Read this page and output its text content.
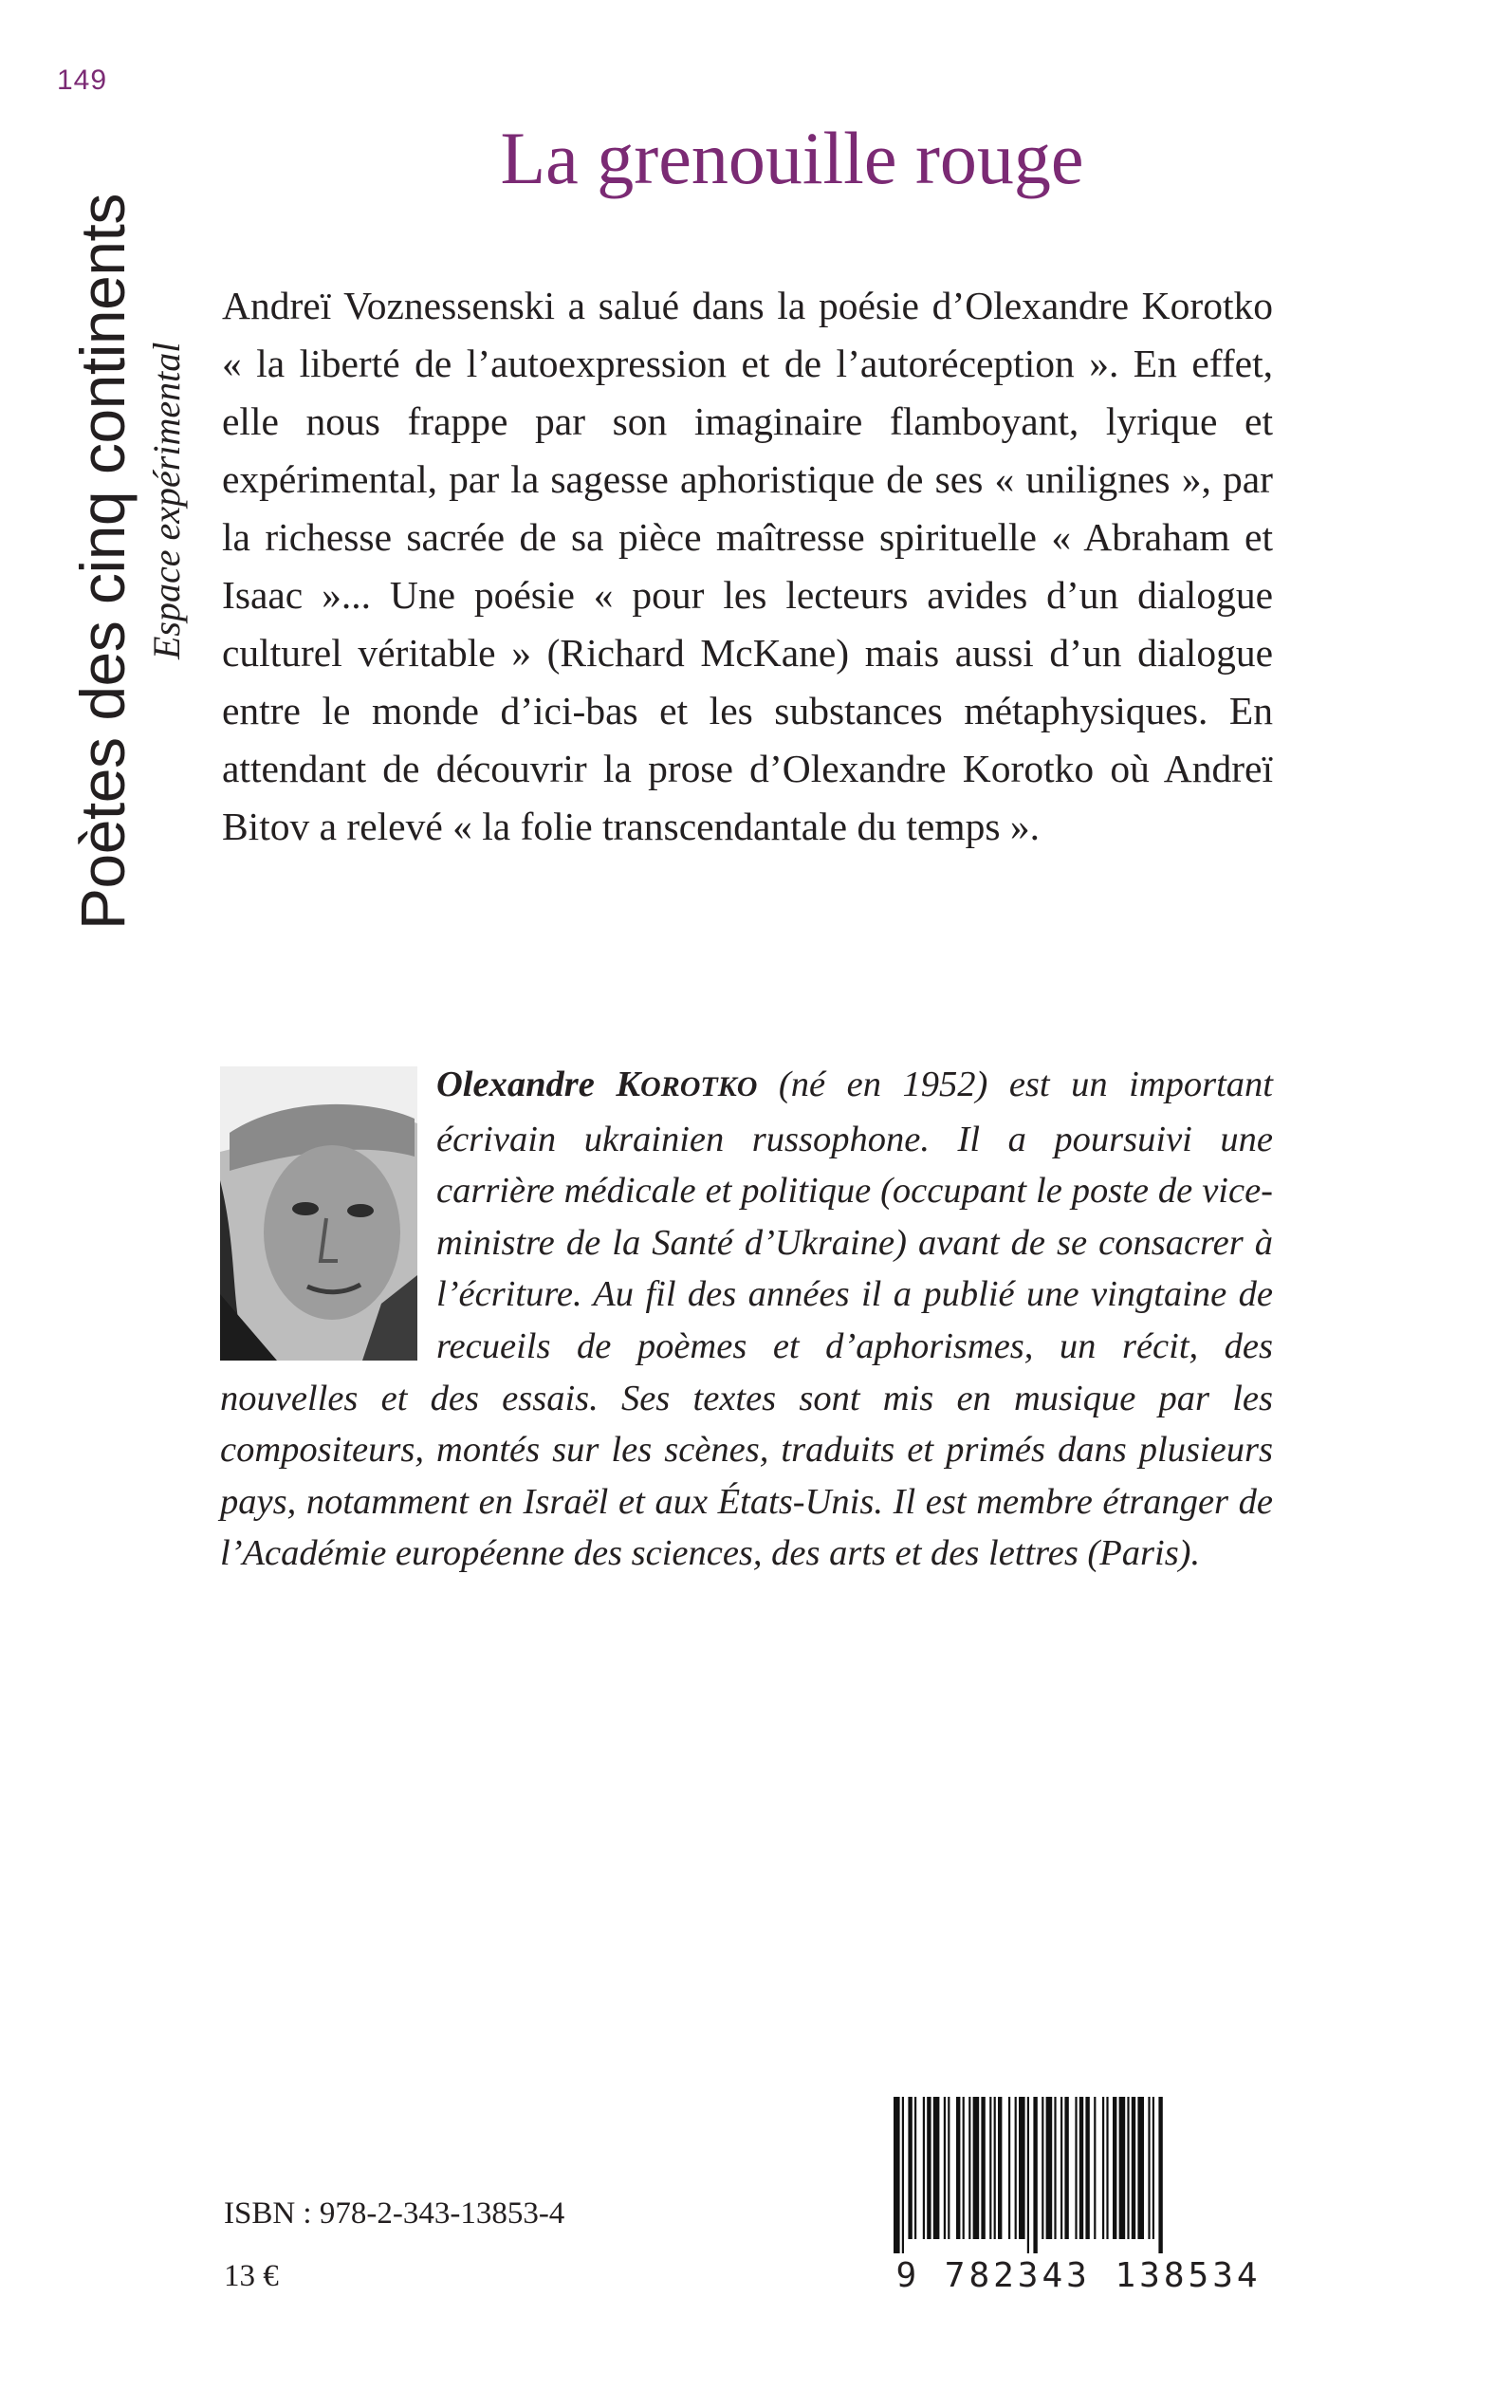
149
Poètes des cinq continents Espace expérimental
La grenouille rouge

Andreï Voznessenski a salué dans la poésie d’Olexandre Korotko « la liberté de l’autoexpression et de l’autoréception ». En effet, elle nous frappe par son imaginaire flamboyant, lyrique et expérimental, par la sagesse aphoristique de ses « unilignes », par la richesse sacrée de sa pièce maîtresse spirituelle « Abraham et Isaac »... Une poésie « pour les lecteurs avides d’un dialogue culturel véritable » (Richard McKane) mais aussi d’un dialogue entre le monde d’ici-bas et les substances métaphysiques. En attendant de découvrir la prose d’Olexandre Korotko où Andreï Bitov a relevé « la folie transcendantale du temps ».

Olexandre KOROTKO (né en 1952) est un important écrivain ukrainien russophone. Il a poursuivi une carrière médicale et politique (occupant le poste de vice-ministre de la Santé d’Ukraine) avant de se consacrer à l’écriture. Au fil des années il a publié une vingtaine de recueils de poèmes et d’aphorismes, un récit, des nouvelles et des essais. Ses textes sont mis en musique par les compositeurs, montés sur les scènes, traduits et primés dans plusieurs pays, notamment en Israël et aux États-Unis. Il est membre étranger de l’Académie européenne des sciences, des arts et des lettres (Paris).
ISBN : 978-2-343-13853-4
13 €	9 782343 138534
